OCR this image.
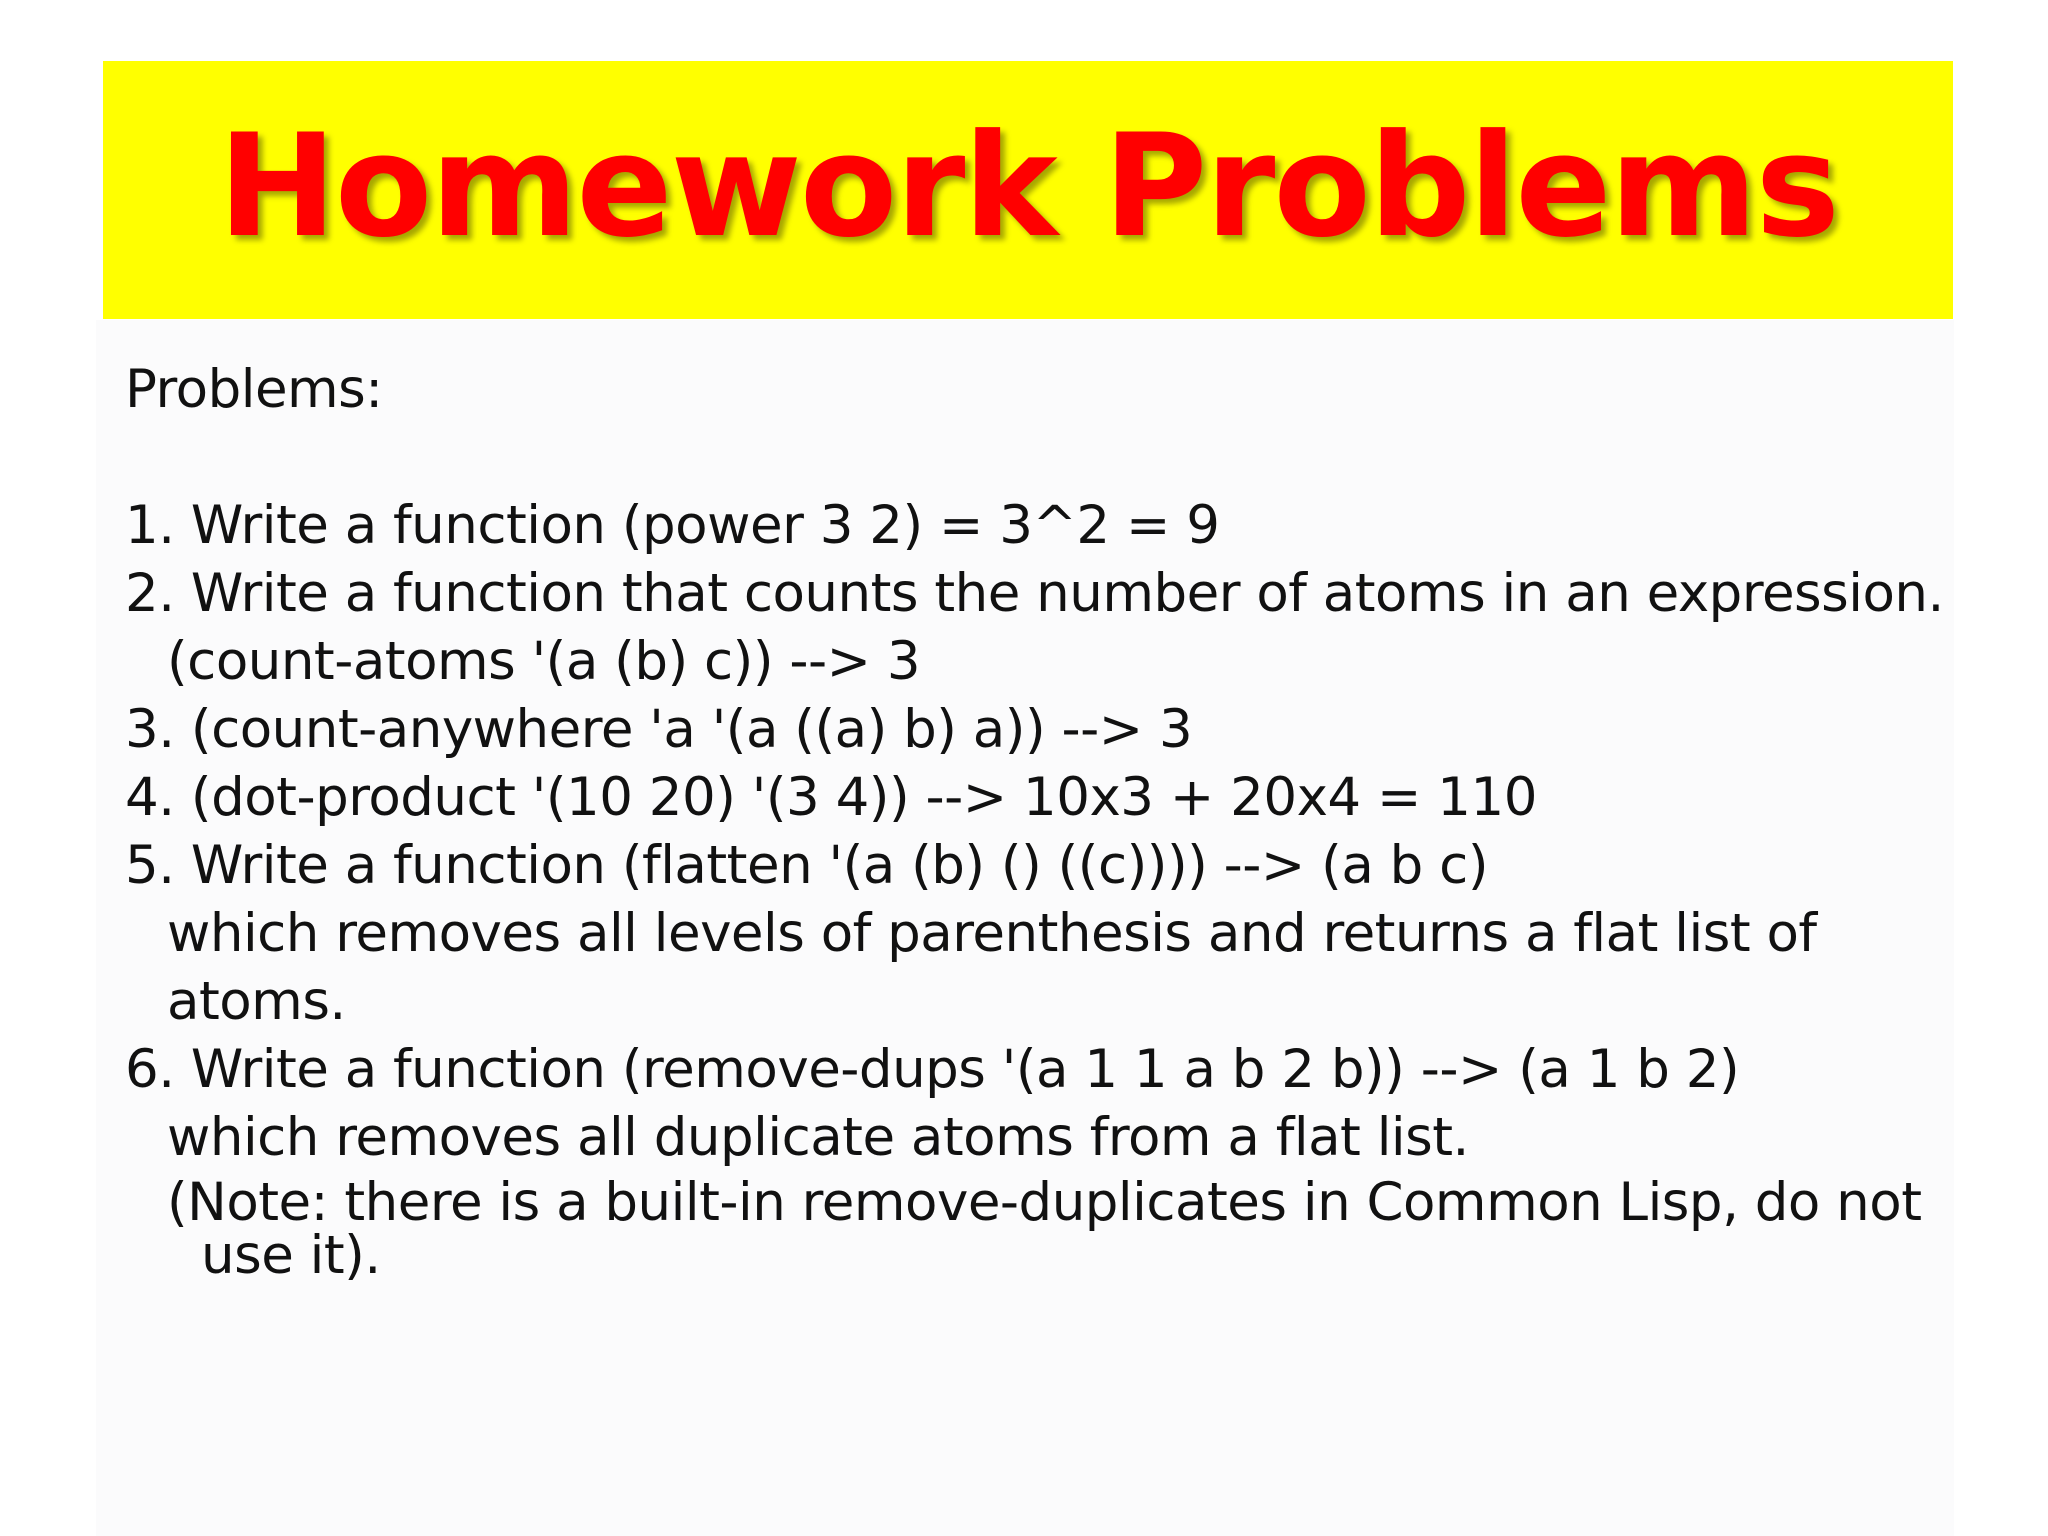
Homework Problems
Problems:
1. Write a function (power 3 2) = 3^2 = 9
2. Write a function that counts the number of atoms in an expression.
(count-atoms '(a (b) c)) --> 3
3. (count-anywhere 'a '(a ((a) b) a)) --> 3
4. (dot-product '(10 20) '(3 4)) --> 10x3 + 20x4 = 110
5. Write a function (flatten '(a (b) () ((c)))) --> (a b c)
which removes all levels of parenthesis and returns a flat list of
atoms.
6. Write a function (remove-dups '(a 1 1 a b 2 b)) --> (a 1 b 2)
which removes all duplicate atoms from a flat list.
(Note: there is a built-in remove-duplicates in Common Lisp, do not
use it).
